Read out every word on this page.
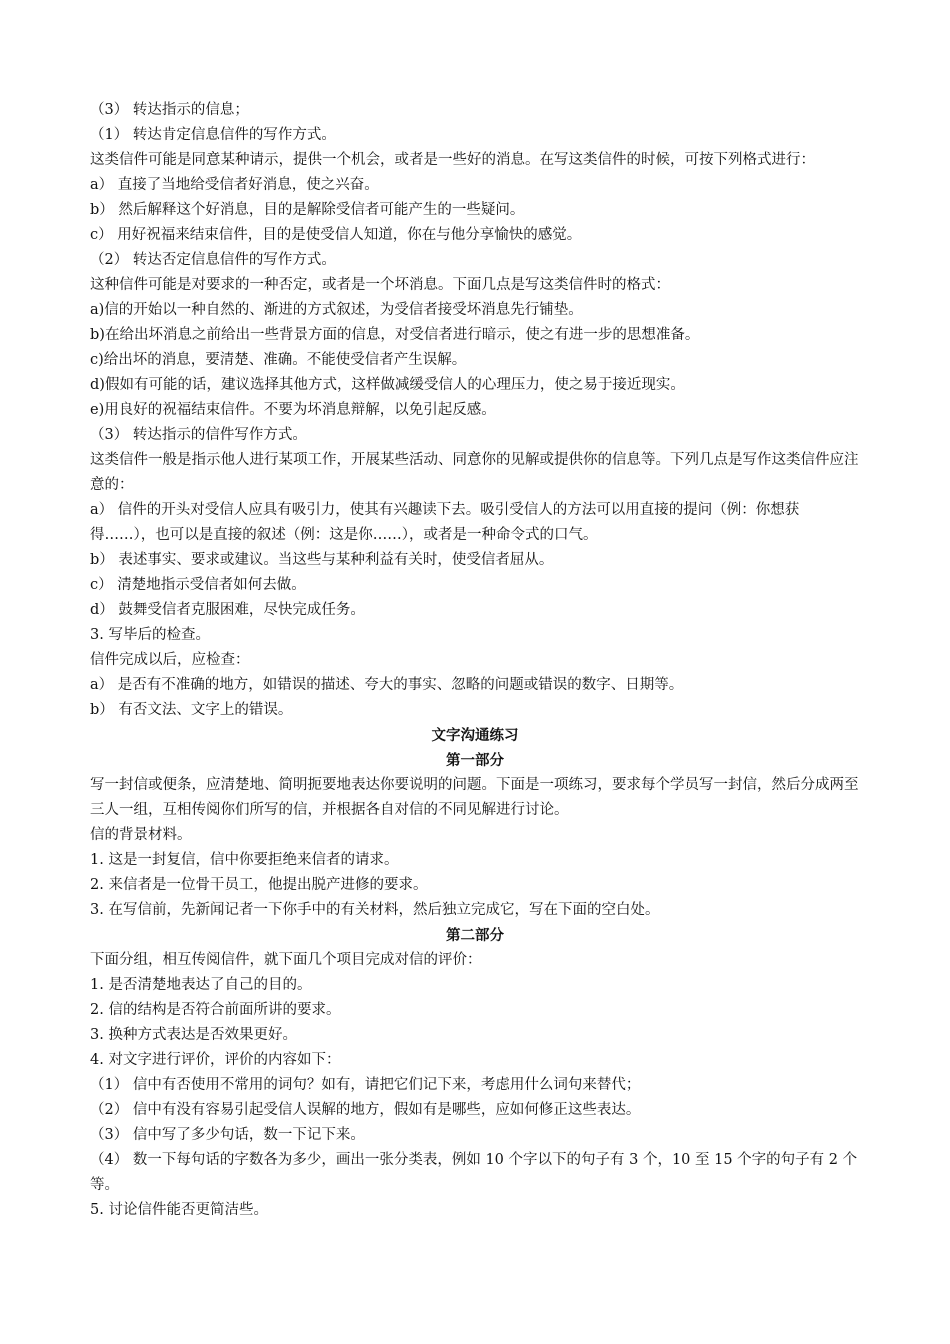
（3） 转达指示的信息；

（1） 转达肯定信息信件的写作方式。

这类信件可能是同意某种请示，提供一个机会，或者是一些好的消息。在写这类信件的时候，可按下列格式进行：

a） 直接了当地给受信者好消息，使之兴奋。

b） 然后解释这个好消息，目的是解除受信者可能产生的一些疑问。

c） 用好祝福来结束信件，目的是使受信人知道，你在与他分享愉快的感觉。

（2） 转达否定信息信件的写作方式。

这种信件可能是对要求的一种否定，或者是一个坏消息。下面几点是写这类信件时的格式：

a)信的开始以一种自然的、渐进的方式叙述，为受信者接受坏消息先行铺垫。

b)在给出坏消息之前给出一些背景方面的信息，对受信者进行暗示，使之有进一步的思想准备。

c)给出坏的消息，要清楚、准确。不能使受信者产生误解。

d)假如有可能的话，建议选择其他方式，这样做减缓受信人的心理压力，使之易于接近现实。

e)用良好的祝福结束信件。不要为坏消息辩解，以免引起反感。

（3） 转达指示的信件写作方式。

这类信件一般是指示他人进行某项工作，开展某些活动、同意你的见解或提供你的信息等。下列几点是写作这类信件应注意的：

a） 信件的开头对受信人应具有吸引力，使其有兴趣读下去。吸引受信人的方法可以用直接的提问（例：你想获得……），也可以是直接的叙述（例：这是你……），或者是一种命令式的口气。

b） 表述事实、要求或建议。当这些与某种利益有关时，使受信者屈从。

c） 清楚地指示受信者如何去做。

d） 鼓舞受信者克服困难，尽快完成任务。

3. 写毕后的检查。

信件完成以后，应检查：

a） 是否有不准确的地方，如错误的描述、夸大的事实、忽略的问题或错误的数字、日期等。

b） 有否文法、文字上的错误。

文字沟通练习

第一部分

写一封信或便条，应清楚地、简明扼要地表达你要说明的问题。下面是一项练习，要求每个学员写一封信，然后分成两至三人一组，互相传阅你们所写的信，并根据各自对信的不同见解进行讨论。

信的背景材料。

1. 这是一封复信，信中你要拒绝来信者的请求。

2. 来信者是一位骨干员工，他提出脱产进修的要求。

3. 在写信前，先新闻记者一下你手中的有关材料，然后独立完成它，写在下面的空白处。

第二部分

下面分组，相互传阅信件，就下面几个项目完成对信的评价：

1. 是否清楚地表达了自己的目的。

2. 信的结构是否符合前面所讲的要求。

3. 换种方式表达是否效果更好。

4. 对文字进行评价，评价的内容如下：

（1） 信中有否使用不常用的词句？如有，请把它们记下来，考虑用什么词句来替代；

（2） 信中有没有容易引起受信人误解的地方，假如有是哪些，应如何修正这些表达。

（3） 信中写了多少句话，数一下记下来。

（4） 数一下每句话的字数各为多少，画出一张分类表，例如 10 个字以下的句子有 3 个，10 至 15 个字的句子有 2 个等。

5. 讨论信件能否更简洁些。
